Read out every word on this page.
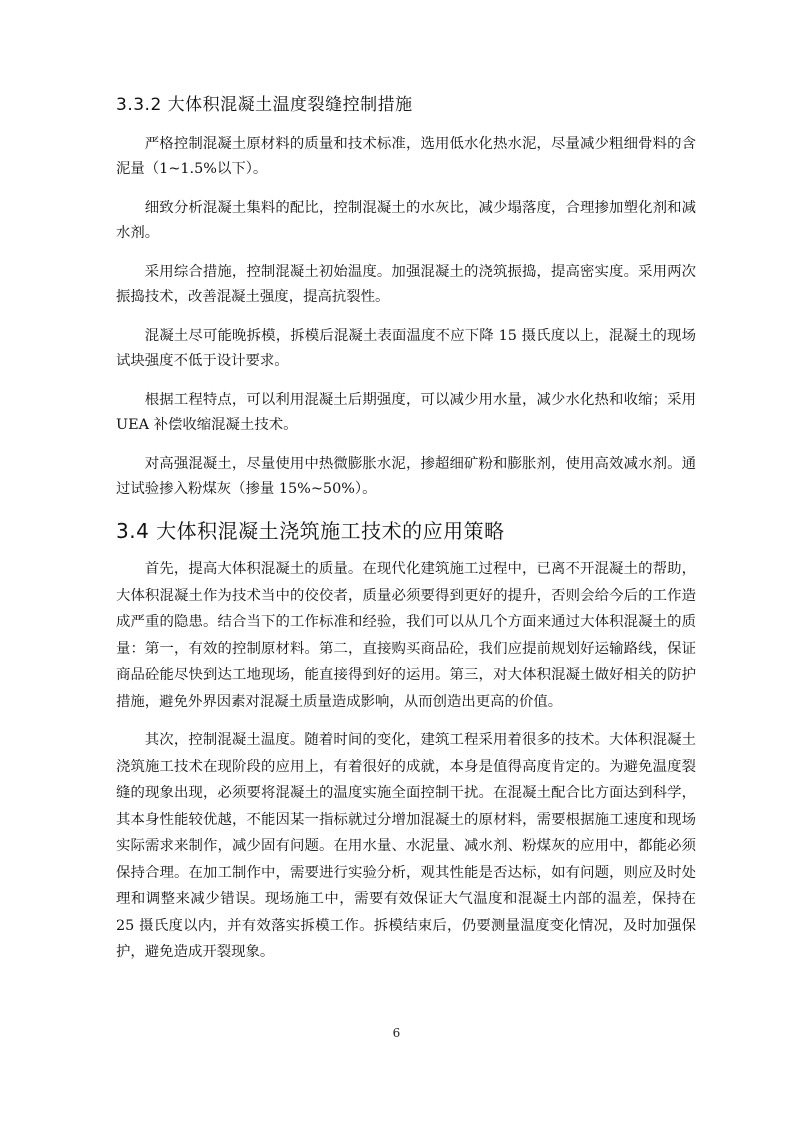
3.3.2 大体积混凝土温度裂缝控制措施

严格控制混凝土原材料的质量和技术标准，选用低水化热水泥，尽量减少粗细骨料的含泥量（1~1.5%以下）。

细致分析混凝土集料的配比，控制混凝土的水灰比，减少塌落度，合理掺加塑化剂和减水剂。

采用综合措施，控制混凝土初始温度。加强混凝土的浇筑振捣，提高密实度。采用两次振捣技术，改善混凝土强度，提高抗裂性。

混凝土尽可能晚拆模，拆模后混凝土表面温度不应下降 15 摄氏度以上，混凝土的现场试块强度不低于设计要求。

根据工程特点，可以利用混凝土后期强度，可以减少用水量，减少水化热和收缩；采用 UEA 补偿收缩混凝土技术。

对高强混凝土，尽量使用中热微膨胀水泥，掺超细矿粉和膨胀剂，使用高效减水剂。通过试验掺入粉煤灰（掺量 15%~50%）。

3.4 大体积混凝土浇筑施工技术的应用策略

首先，提高大体积混凝土的质量。在现代化建筑施工过程中，已离不开混凝土的帮助，大体积混凝土作为技术当中的佼佼者，质量必须要得到更好的提升，否则会给今后的工作造成严重的隐患。结合当下的工作标准和经验，我们可以从几个方面来通过大体积混凝土的质量：第一，有效的控制原材料。第二，直接购买商品砼，我们应提前规划好运输路线，保证商品砼能尽快到达工地现场，能直接得到好的运用。第三，对大体积混凝土做好相关的防护措施，避免外界因素对混凝土质量造成影响，从而创造出更高的价值。

其次，控制混凝土温度。随着时间的变化，建筑工程采用着很多的技术。大体积混凝土浇筑施工技术在现阶段的应用上，有着很好的成就，本身是值得高度肯定的。为避免温度裂缝的现象出现，必须要将混凝土的温度实施全面控制干扰。在混凝土配合比方面达到科学，其本身性能较优越，不能因某一指标就过分增加混凝土的原材料，需要根据施工速度和现场实际需求来制作，减少固有问题。在用水量、水泥量、减水剂、粉煤灰的应用中，都能必须保持合理。在加工制作中，需要进行实验分析，观其性能是否达标，如有问题，则应及时处理和调整来减少错误。现场施工中，需要有效保证大气温度和混凝土内部的温差，保持在 25 摄氏度以内，并有效落实拆模工作。拆模结束后，仍要测量温度变化情况，及时加强保护，避免造成开裂现象。

6
